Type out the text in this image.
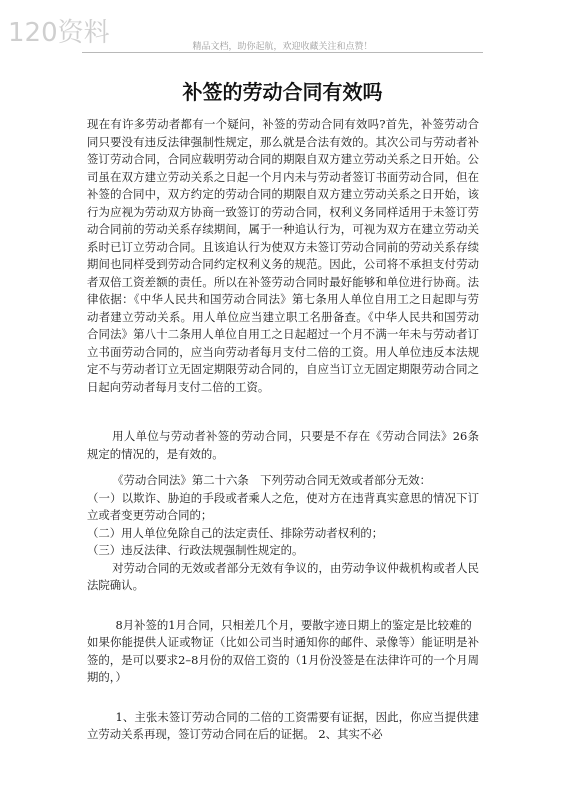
120资料	精品文档，助你起航，欢迎收藏关注和点赞！
补签的劳动合同有效吗

现在有许多劳动者都有一个疑问，补签的劳动合同有效吗?首先，补签劳动合同只要没有违反法律强制性规定，那么就是合法有效的。其次公司与劳动者补签订劳动合同，合同应载明劳动合同的期限自双方建立劳动关系之日开始。公司虽在双方建立劳动关系之日起一个月内未与劳动者签订书面劳动合同，但在补签的合同中，双方约定的劳动合同的期限自双方建立劳动关系之日开始，该行为应视为劳动双方协商一致签订的劳动合同，权利义务同样适用于未签订劳动合同前的劳动关系存续期间，属于一种追认行为，可视为双方在建立劳动关系时已订立劳动合同。且该追认行为使双方未签订劳动合同前的劳动关系存续期间也同样受到劳动合同约定权利义务的规范。因此，公司将不承担支付劳动者双倍工资差额的责任。所以在补签劳动合同时最好能够和单位进行协商。法律依据：《中华人民共和国劳动合同法》第七条用人单位自用工之日起即与劳动者建立劳动关系。用人单位应当建立职工名册备查。《中华人民共和国劳动合同法》第八十二条用人单位自用工之日起超过一个月不满一年未与劳动者订立书面劳动合同的，应当向劳动者每月支付二倍的工资。用人单位违反本法规定不与劳动者订立无固定期限劳动合同的，自应当订立无固定期限劳动合同之日起向劳动者每月支付二倍的工资。

用人单位与劳动者补签的劳动合同，只要是不存在《劳动合同法》26条规定的情况的，是有效的。

《劳动合同法》第二十六条　下列劳动合同无效或者部分无效：

（一）以欺诈、胁迫的手段或者乘人之危，使对方在违背真实意思的情况下订立或者变更劳动合同的；

（二）用人单位免除自己的法定责任、排除劳动者权利的；

（三）违反法律、行政法规强制性规定的。

对劳动合同的无效或者部分无效有争议的，由劳动争议仲裁机构或者人民法院确认。

8月补签的1月合同，只相差几个月，要散字迹日期上的鉴定是比较难的

如果你能提供人证或物证（比如公司当时通知你的邮件、录像等）能证明是补签的，是可以要求2–8月份的双倍工资的（1月份没签是在法律许可的一个月周期的，）

1、主张未签订劳动合同的二倍的工资需要有证据，因此，你应当提供建立劳动关系再现，签订劳动合同在后的证据。 2、其实不必
